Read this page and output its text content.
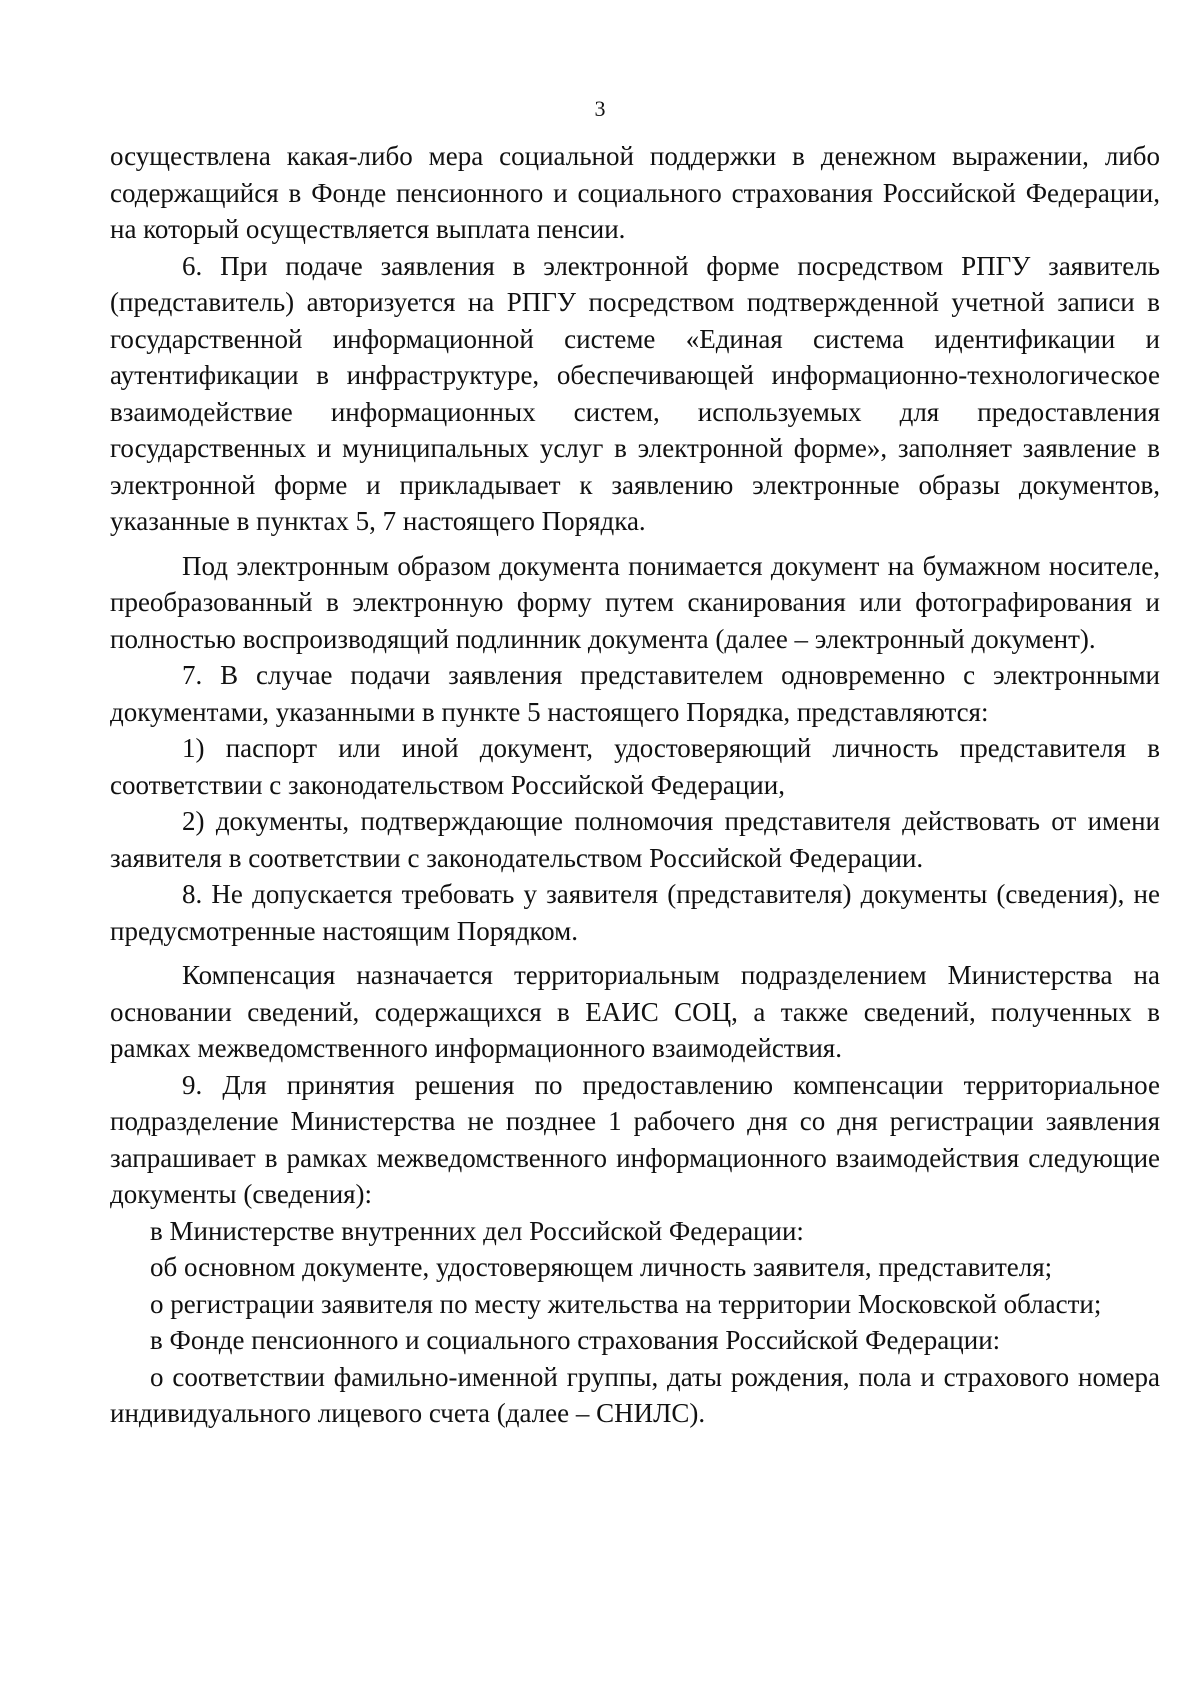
3

осуществлена какая-либо мера социальной поддержки в денежном выражении, либо содержащийся в Фонде пенсионного и социального страхования Российской Федерации, на который осуществляется выплата пенсии.

6. При подаче заявления в электронной форме посредством РПГУ заявитель (представитель) авторизуется на РПГУ посредством подтвержденной учетной записи в государственной информационной системе «Единая система идентификации и аутентификации в инфраструктуре, обеспечивающей информационно-технологическое взаимодействие информационных систем, используемых для предоставления государственных и муниципальных услуг в электронной форме», заполняет заявление в электронной форме и прикладывает к заявлению электронные образы документов, указанные в пунктах 5, 7 настоящего Порядка.

Под электронным образом документа понимается документ на бумажном носителе, преобразованный в электронную форму путем сканирования или фотографирования и полностью воспроизводящий подлинник документа (далее – электронный документ).

7. В случае подачи заявления представителем одновременно с электронными документами, указанными в пункте 5 настоящего Порядка, представляются:

1) паспорт или иной документ, удостоверяющий личность представителя в соответствии с законодательством Российской Федерации,

2) документы, подтверждающие полномочия представителя действовать от имени заявителя в соответствии с законодательством Российской Федерации.

8. Не допускается требовать у заявителя (представителя) документы (сведения), не предусмотренные настоящим Порядком.

Компенсация назначается территориальным подразделением Министерства на основании сведений, содержащихся в ЕАИС СОЦ, а также сведений, полученных в рамках межведомственного информационного взаимодействия.

9. Для принятия решения по предоставлению компенсации территориальное подразделение Министерства не позднее 1 рабочего дня со дня регистрации заявления запрашивает в рамках межведомственного информационного взаимодействия следующие документы (сведения):

в Министерстве внутренних дел Российской Федерации:

об основном документе, удостоверяющем личность заявителя, представителя;

о регистрации заявителя по месту жительства на территории Московской области;

в Фонде пенсионного и социального страхования Российской Федерации:

о соответствии фамильно-именной группы, даты рождения, пола и страхового номера индивидуального лицевого счета (далее – СНИЛС).
